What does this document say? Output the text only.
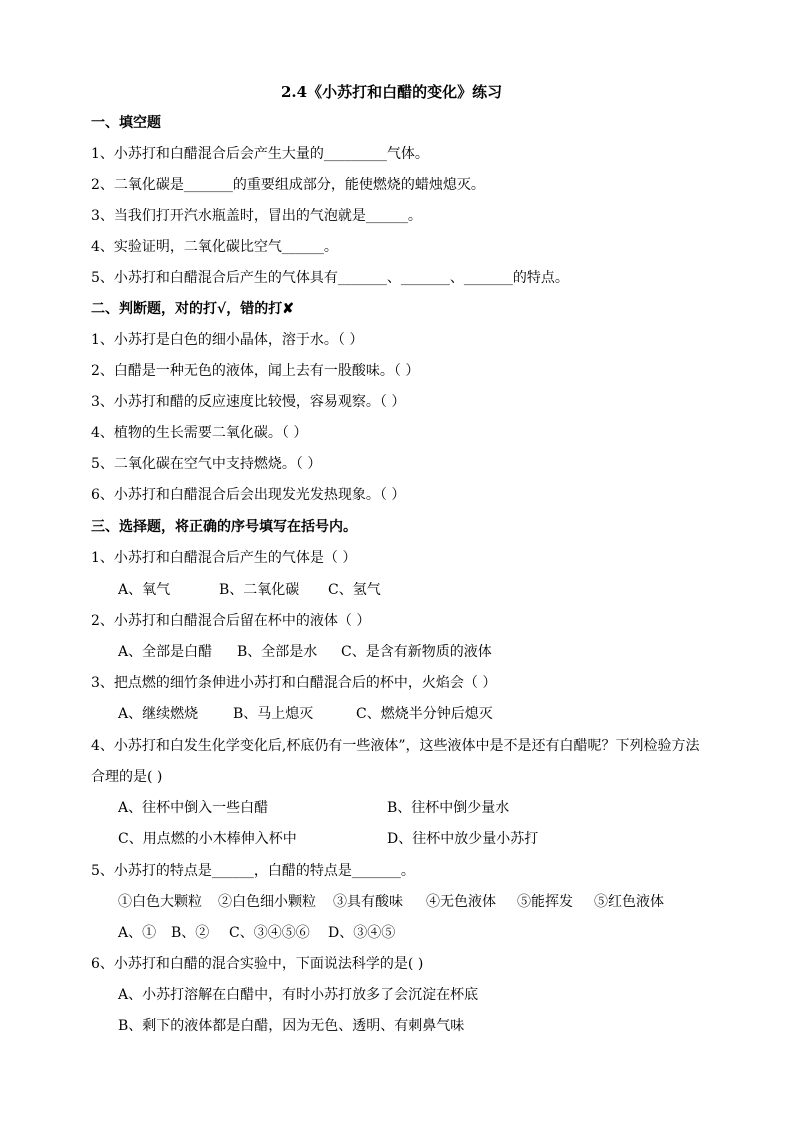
2.4《小苏打和白醋的变化》练习
一、填空题
1、小苏打和白醋混合后会产生大量的_________气体。
2、二氧化碳是_______的重要组成部分，能使燃烧的蜡烛熄灭。
3、当我们打开汽水瓶盖时，冒出的气泡就是______。
4、实验证明，二氧化碳比空气______。
5、小苏打和白醋混合后产生的气体具有_______、_______、_______的特点。
二、判断题，对的打√，错的打✘
1、小苏打是白色的细小晶体，溶于水。（ ）
2、白醋是一种无色的液体，闻上去有一股酸味。（ ）
3、小苏打和醋的反应速度比较慢，容易观察。（ ）
4、植物的生长需要二氧化碳。（ ）
5、二氧化碳在空气中支持燃烧。（ ）
6、小苏打和白醋混合后会出现发光发热现象。（ ）
三、选择题，将正确的序号填写在括号内。
1、小苏打和白醋混合后产生的气体是（ ）
A、氧气	B、二氧化碳 C、氢气
2、小苏打和白醋混合后留在杯中的液体（ ）
A、全部是白醋 B、全部是水 C、是含有新物质的液体
3、把点燃的细竹条伸进小苏打和白醋混合后的杯中，火焰会（ ）
A、继续燃烧 B、马上熄灭	C、燃烧半分钟后熄灭
4、小苏打和白发生化学变化后,杯底仍有一些液体”，这些液体中是不是还有白醋呢？下列检验方法
合理的是( )
A、往杯中倒入一些白醋	B、往杯中倒少量水
C、用点燃的小木棒伸入杯中	D、往杯中放少量小苏打
5、小苏打的特点是______，白醋的特点是_______。
①白色大颗粒 ②白色细小颗粒 ③具有酸味 ④无色液体 ⑤能挥发 ⑤红色液体
A、① B、② C、③④⑤⑥ D、③④⑤
6、小苏打和白醋的混合实验中，下面说法科学的是( )
A、小苏打溶解在白醋中，有时小苏打放多了会沉淀在杯底
B、剩下的液体都是白醋，因为无色、透明、有刺鼻气味
